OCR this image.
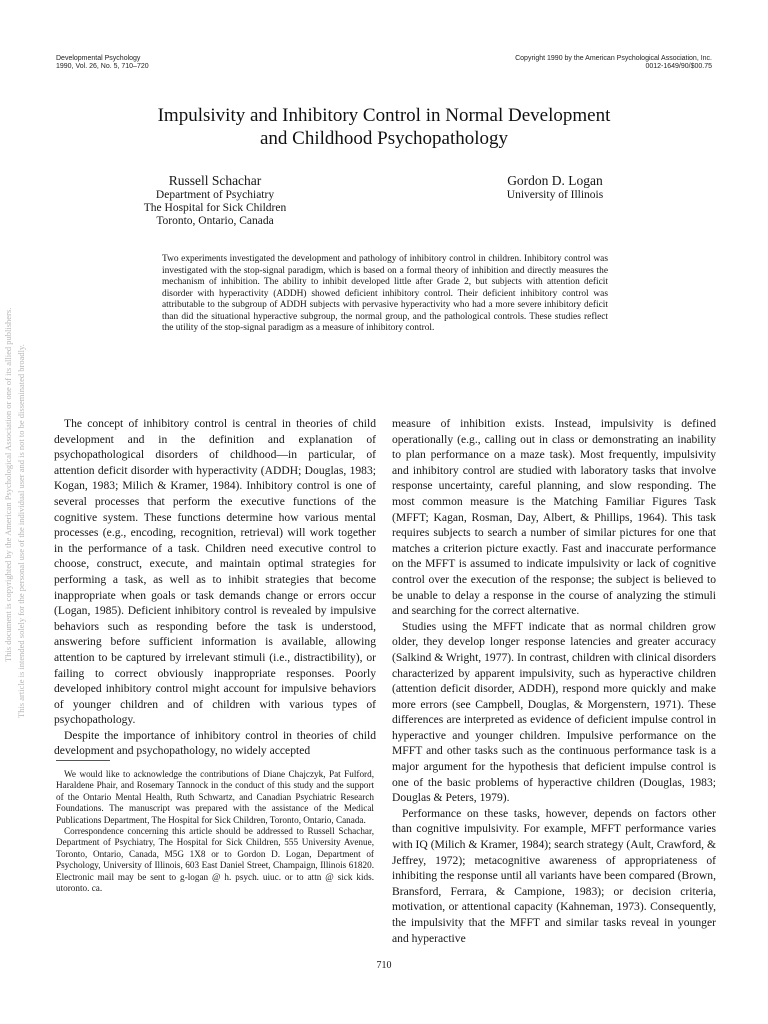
Developmental Psychology
1990, Vol. 26, No. 5, 710–720
Copyright 1990 by the American Psychological Association, Inc.
0012-1649/90/$00.75
Impulsivity and Inhibitory Control in Normal Development
and Childhood Psychopathology
Russell Schachar
Department of Psychiatry
The Hospital for Sick Children
Toronto, Ontario, Canada
Gordon D. Logan
University of Illinois
Two experiments investigated the development and pathology of inhibitory control in children. Inhibitory control was investigated with the stop-signal paradigm, which is based on a formal theory of inhibition and directly measures the mechanism of inhibition. The ability to inhibit developed little after Grade 2, but subjects with attention deficit disorder with hyperactivity (ADDH) showed deficient inhibitory control. Their deficient inhibitory control was attributable to the subgroup of ADDH subjects with pervasive hyperactivity who had a more severe inhibitory deficit than did the situational hyperactive subgroup, the normal group, and the pathological controls. These studies reflect the utility of the stop-signal paradigm as a measure of inhibitory control.
This document is copyrighted by the American Psychological Association or one of its allied publishers. This article is intended solely for the personal use of the individual user and is not to be disseminated broadly.	The concept of inhibitory control is central in theories of child development and in the definition and explanation of psychopathological disorders of childhood—in particular, of attention deficit disorder with hyperactivity (ADDH; Douglas, 1983; Kogan, 1983; Milich & Kramer, 1984). Inhibitory control is one of several processes that perform the executive functions of the cognitive system. These functions determine how various mental processes (e.g., encoding, recognition, retrieval) will work together in the performance of a task. Children need executive control to choose, construct, execute, and maintain optimal strategies for performing a task, as well as to inhibit strategies that become inappropriate when goals or task demands change or errors occur (Logan, 1985). Deficient inhibitory control is revealed by impulsive behaviors such as responding before the task is understood, answering before sufficient information is available, allowing attention to be captured by irrelevant stimuli (i.e., distractibility), or failing to correct obviously inappropriate responses. Poorly developed inhibitory control might account for impulsive behaviors of younger children and of children with various types of psychopathology.

Despite the importance of inhibitory control in theories of child development and psychopathology, no widely accepted

measure of inhibition exists. Instead, impulsivity is defined operationally (e.g., calling out in class or demonstrating an inability to plan performance on a maze task). Most frequently, impulsivity and inhibitory control are studied with laboratory tasks that involve response uncertainty, careful planning, and slow responding. The most common measure is the Matching Familiar Figures Task (MFFT; Kagan, Rosman, Day, Albert, & Phillips, 1964). This task requires subjects to search a number of similar pictures for one that matches a criterion picture exactly. Fast and inaccurate performance on the MFFT is assumed to indicate impulsivity or lack of cognitive control over the execution of the response; the subject is believed to be unable to delay a response in the course of analyzing the stimuli and searching for the correct alternative.

Studies using the MFFT indicate that as normal children grow older, they develop longer response latencies and greater accuracy (Salkind & Wright, 1977). In contrast, children with clinical disorders characterized by apparent impulsivity, such as hyperactive children (attention deficit disorder, ADDH), respond more quickly and make more errors (see Campbell, Douglas, & Morgenstern, 1971). These differences are interpreted as evidence of deficient impulse control in hyperactive and younger children. Impulsive performance on the MFFT and other tasks such as the continuous performance task is a major argument for the hypothesis that deficient impulse control is one of the basic problems of hyperactive children (Douglas, 1983; Douglas & Peters, 1979).

Performance on these tasks, however, depends on factors other than cognitive impulsivity. For example, MFFT performance varies with IQ (Milich & Kramer, 1984); search strategy (Ault, Crawford, & Jeffrey, 1972); metacognitive awareness of appropriateness of inhibiting the response until all variants have been compared (Brown, Bransford, Ferrara, & Campione, 1983); or decision criteria, motivation, or attentional capacity (Kahneman, 1973). Consequently, the impulsivity that the MFFT and similar tasks reveal in younger and hyperactive

We would like to acknowledge the contributions of Diane Chajczyk, Pat Fulford, Haraldene Phair, and Rosemary Tannock in the conduct of this study and the support of the Ontario Mental Health, Ruth Schwartz, and Canadian Psychiatric Research Foundations. The manuscript was prepared with the assistance of the Medical Publications Department, The Hospital for Sick Children, Toronto, Ontario, Canada.

Correspondence concerning this article should be addressed to Russell Schachar, Department of Psychiatry, The Hospital for Sick Children, 555 University Avenue, Toronto, Ontario, Canada, M5G 1X8 or to Gordon D. Logan, Department of Psychology, University of Illinois, 603 East Daniel Street, Champaign, Illinois 61820. Electronic mail may be sent to g-logan @ h. psych. uiuc. or to attn @ sick kids. utoronto. ca.

710
